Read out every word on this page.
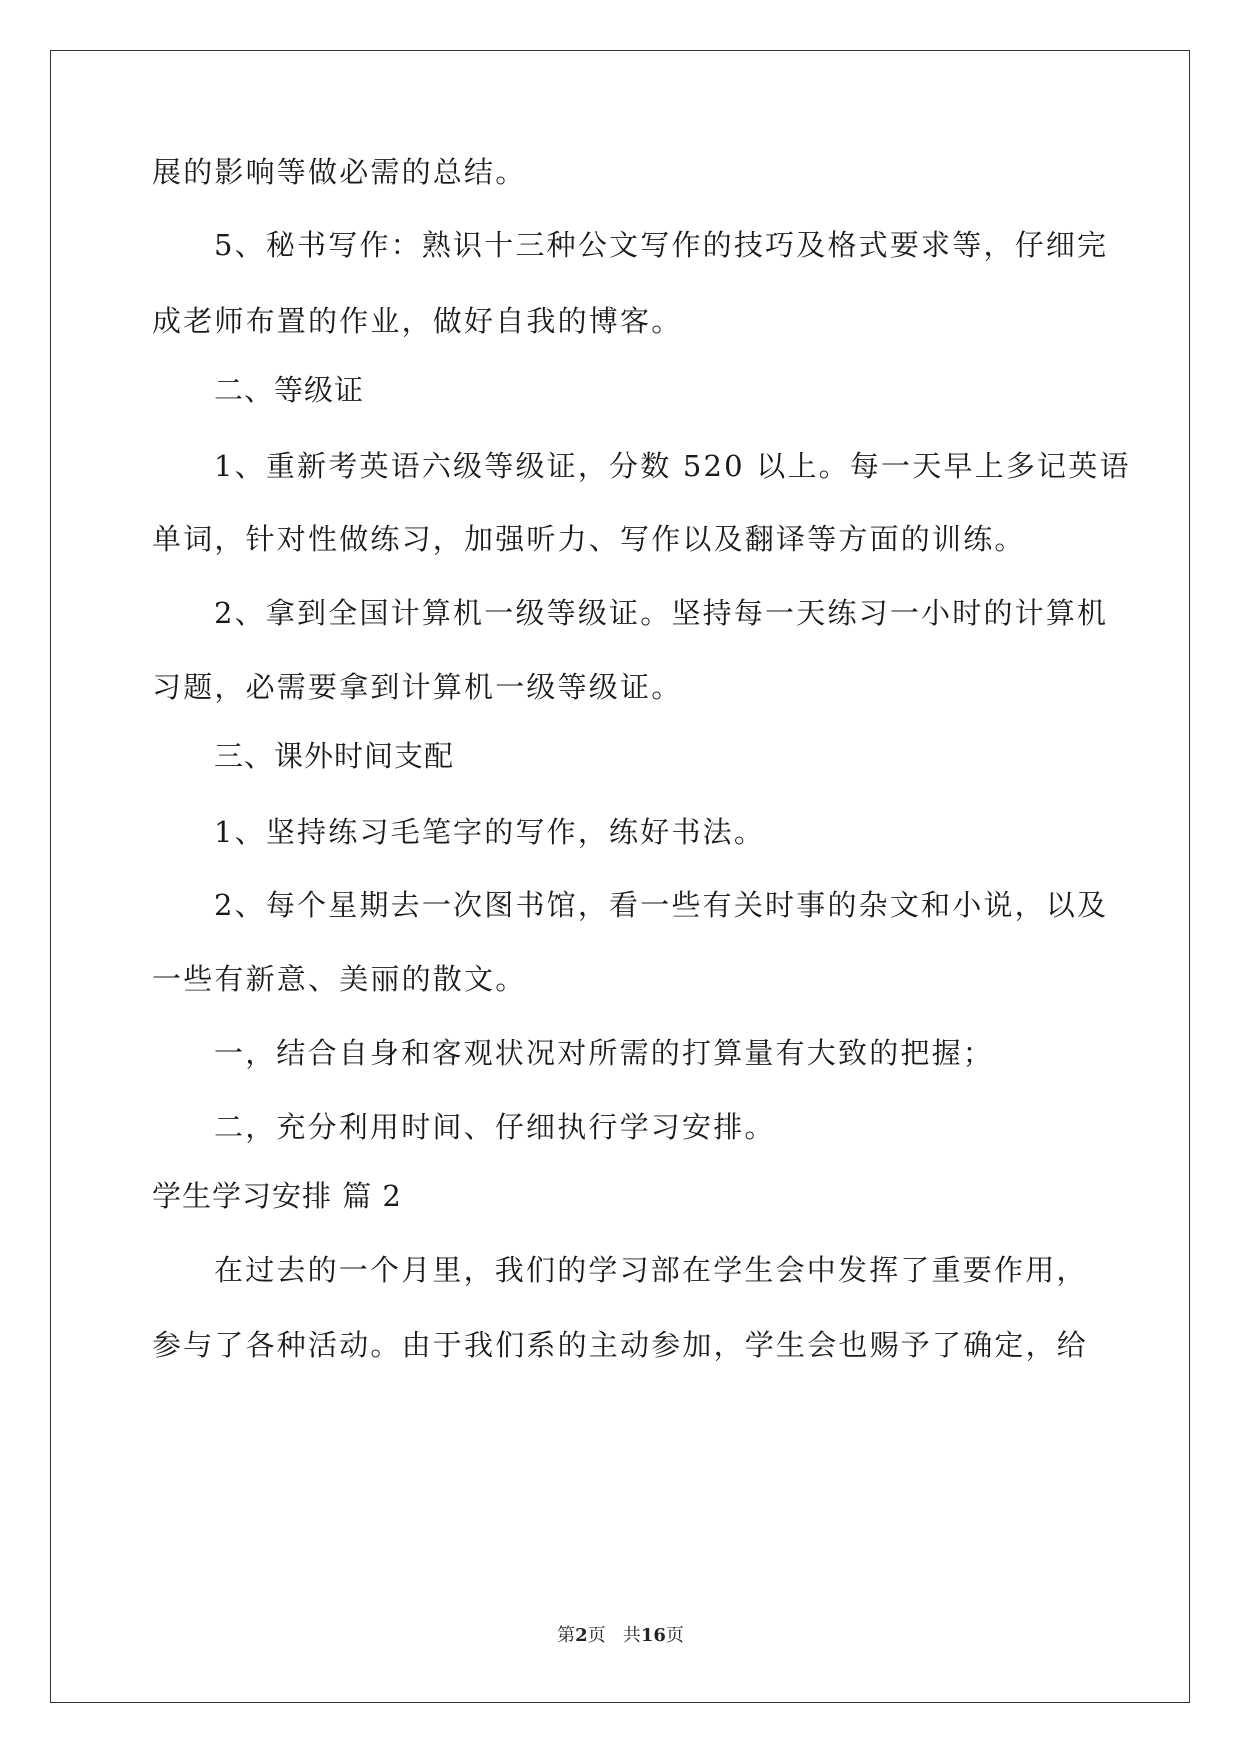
展的影响等做必需的总结。
5、秘书写作：熟识十三种公文写作的技巧及格式要求等，仔细完
成老师布置的作业，做好自我的博客。
二、等级证
1、重新考英语六级等级证，分数 520 以上。每一天早上多记英语
单词，针对性做练习，加强听力、写作以及翻译等方面的训练。
2、拿到全国计算机一级等级证。坚持每一天练习一小时的计算机
习题，必需要拿到计算机一级等级证。
三、课外时间支配
1、坚持练习毛笔字的写作，练好书法。
2、每个星期去一次图书馆，看一些有关时事的杂文和小说，以及
一些有新意、美丽的散文。
一，结合自身和客观状况对所需的打算量有大致的把握；
二，充分利用时间、仔细执行学习安排。
学生学习安排 篇 2
在过去的一个月里，我们的学习部在学生会中发挥了重要作用，
参与了各种活动。由于我们系的主动参加，学生会也赐予了确定，给
第2页 共16页
